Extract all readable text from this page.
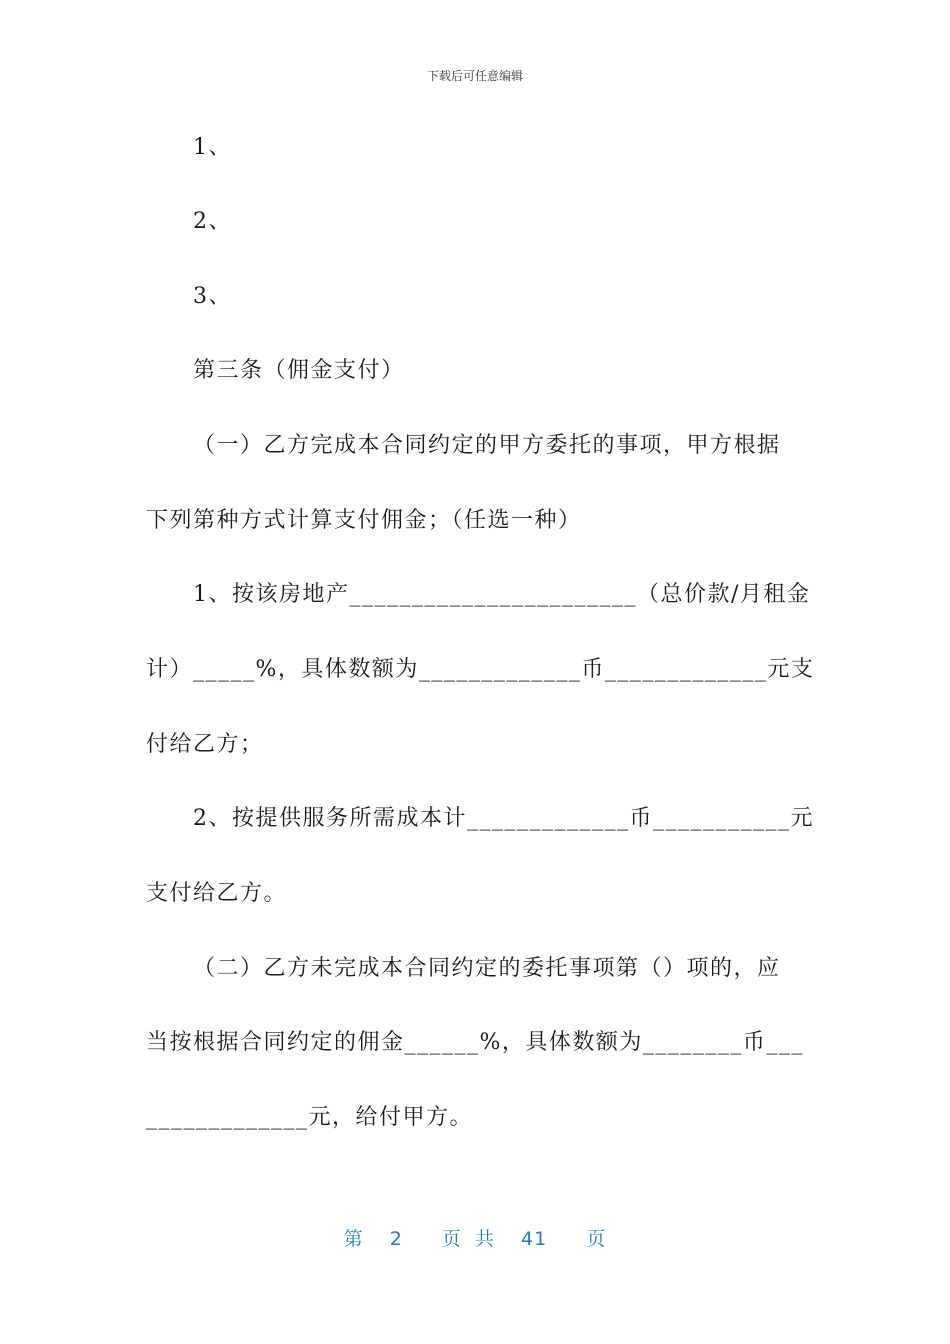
下载后可任意编辑
1、
2、
3、
第三条（佣金支付）
（一）乙方完成本合同约定的甲方委托的事项，甲方根据
下列第种方式计算支付佣金；（任选一种）
1、按该房地产_______________________（总价款/月租金
计）_____%，具体数额为_____________币_____________元支
付给乙方；
2、按提供服务所需成本计_____________币___________元
支付给乙方。
（二）乙方未完成本合同约定的委托事项第（）项的，应
当按根据合同约定的佣金______%，具体数额为________币___
_____________元，给付甲方。
第  2   页 共  41   页
